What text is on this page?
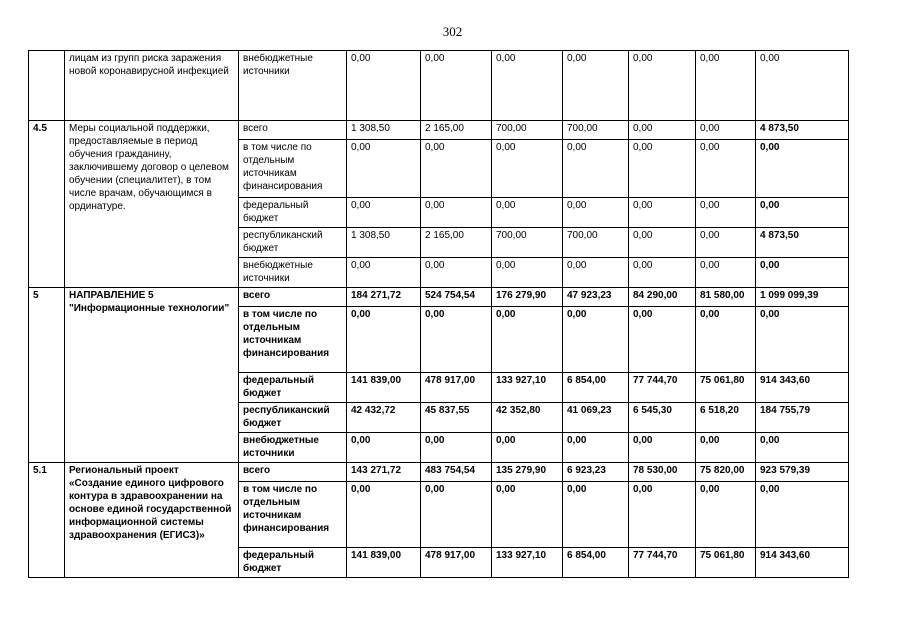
302
	лицам из групп риска заражения новой коронавирусной инфекцией	внебюджетные источники	0,00	0,00	0,00	0,00	0,00	0,00	0,00
4.5	Меры социальной поддержки, предоставляемые в период обучения гражданину, заключившему договор о целевом обучении (специалитет), в том числе врачам, обучающимся в ординатуре.	всего	1 308,50	2 165,00	700,00	700,00	0,00	0,00	4 873,50
		в том числе по отдельным источникам финансирования	0,00	0,00	0,00	0,00	0,00	0,00	0,00
		федеральный бюджет	0,00	0,00	0,00	0,00	0,00	0,00	0,00
		республиканский бюджет	1 308,50	2 165,00	700,00	700,00	0,00	0,00	4 873,50
		внебюджетные источники	0,00	0,00	0,00	0,00	0,00	0,00	0,00
5	НАПРАВЛЕНИЕ 5 "Информационные технологии"	всего	184 271,72	524 754,54	176 279,90	47 923,23	84 290,00	81 580,00	1 099 099,39
		в том числе по отдельным источникам финансирования	0,00	0,00	0,00	0,00	0,00	0,00	0,00
		федеральный бюджет	141 839,00	478 917,00	133 927,10	6 854,00	77 744,70	75 061,80	914 343,60
		республиканский бюджет	42 432,72	45 837,55	42 352,80	41 069,23	6 545,30	6 518,20	184 755,79
		внебюджетные источники	0,00	0,00	0,00	0,00	0,00	0,00	0,00
5.1	Региональный проект «Создание единого цифрового контура в здравоохранении на основе единой государственной информационной системы здравоохранения (ЕГИСЗ)»	всего	143 271,72	483 754,54	135 279,90	6 923,23	78 530,00	75 820,00	923 579,39
		в том числе по отдельным источникам финансирования	0,00	0,00	0,00	0,00	0,00	0,00	0,00
		федеральный бюджет	141 839,00	478 917,00	133 927,10	6 854,00	77 744,70	75 061,80	914 343,60
